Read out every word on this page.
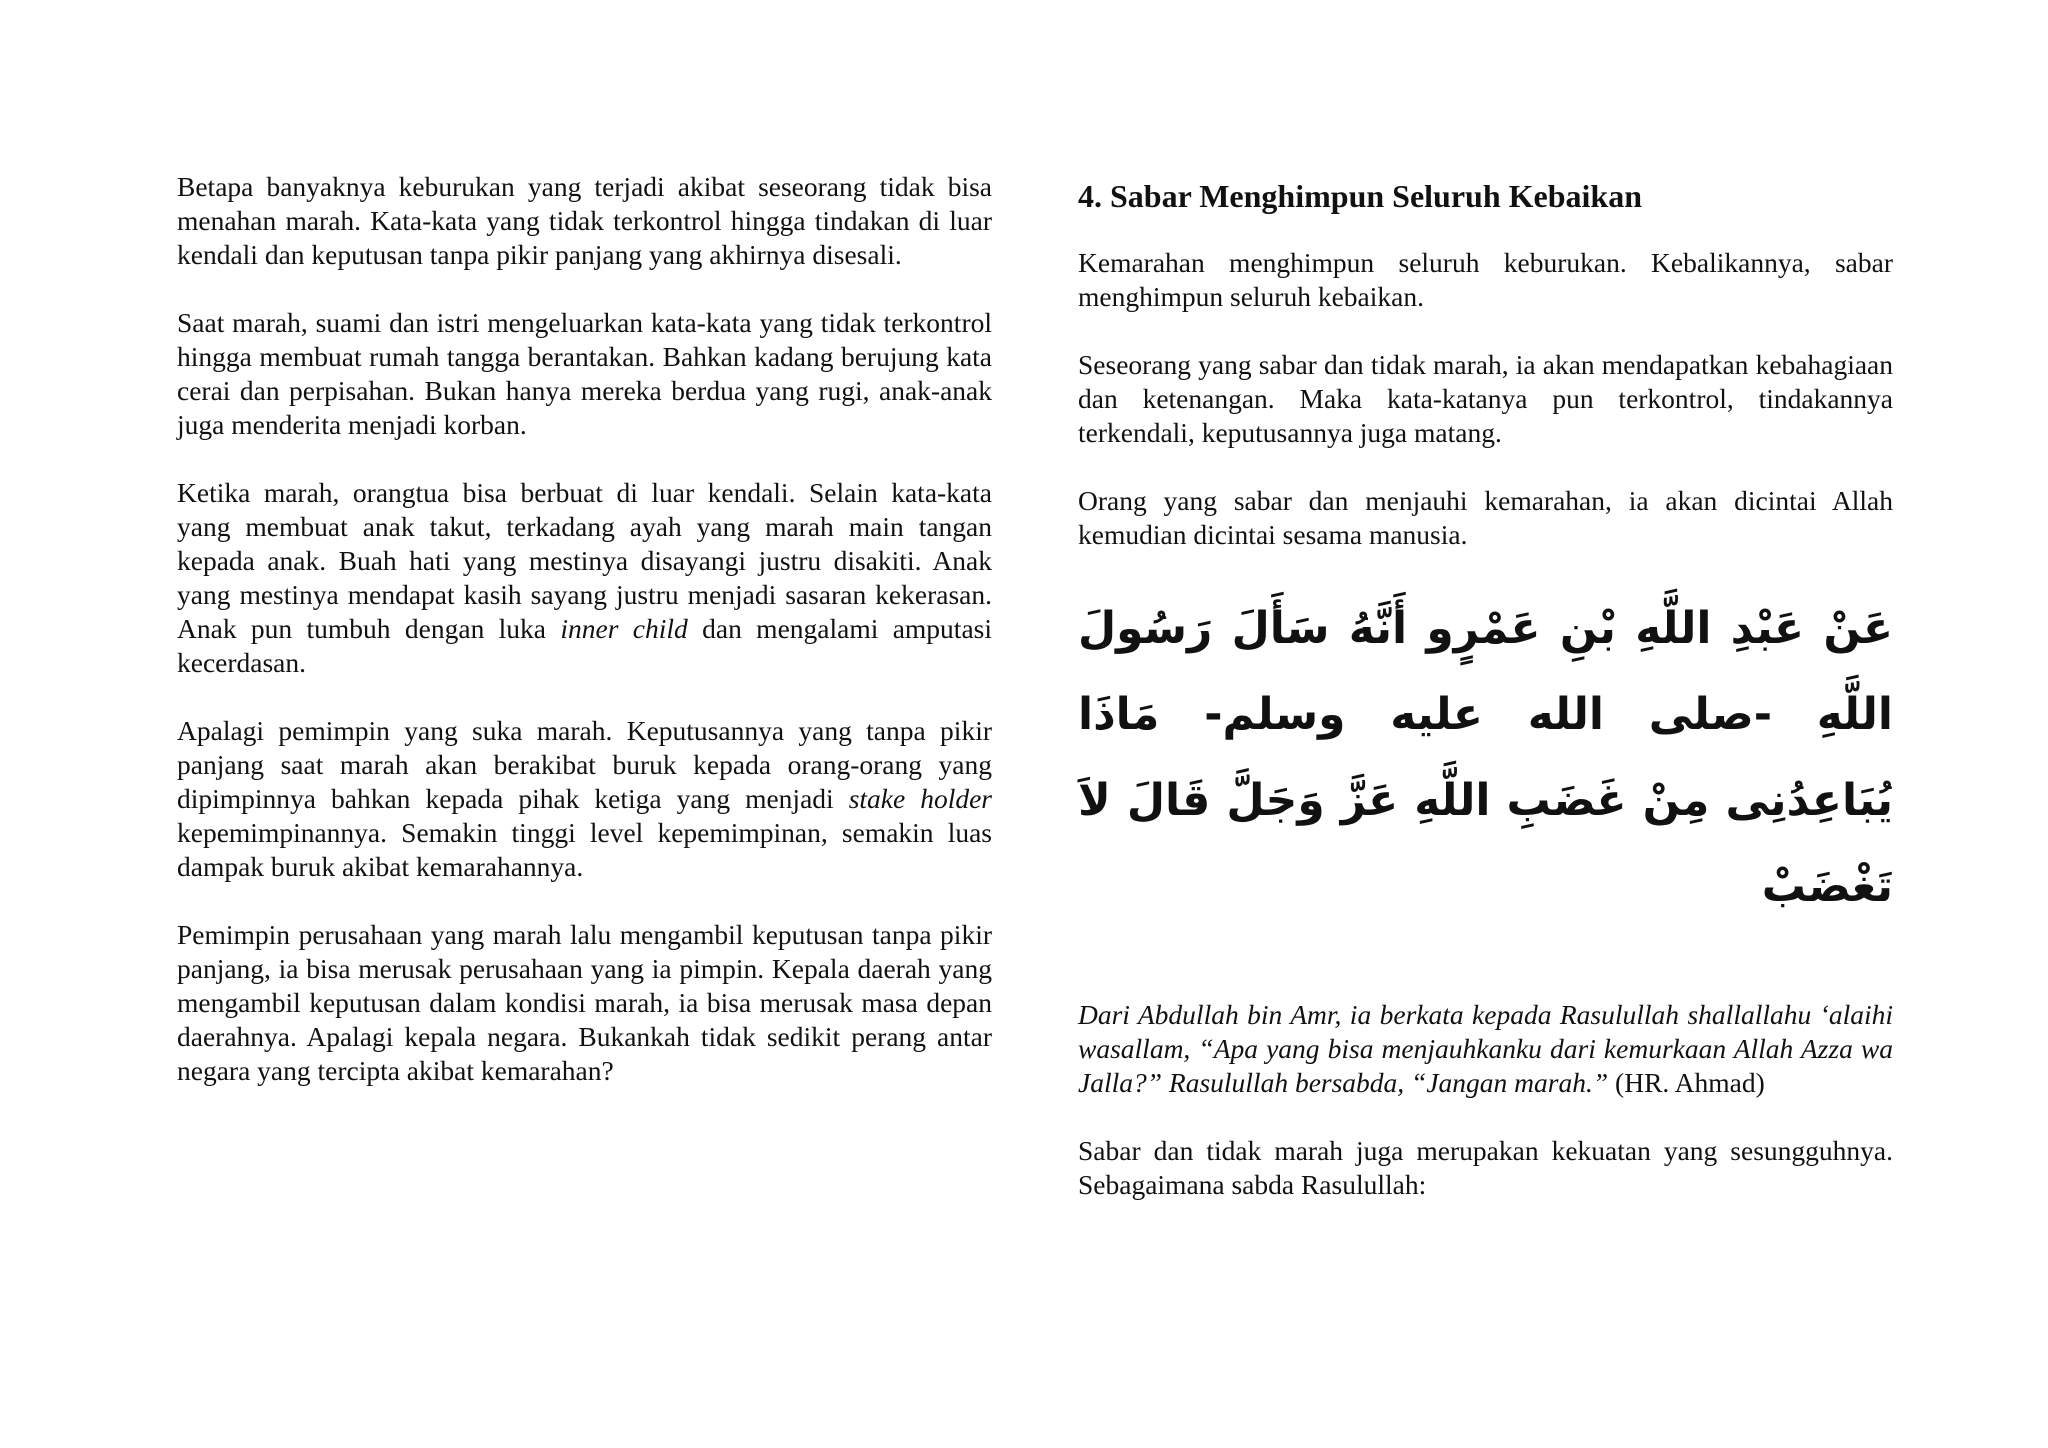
Betapa banyaknya keburukan yang terjadi akibat seseorang tidak bisa menahan marah. Kata-kata yang tidak terkontrol hingga tindakan di luar kendali dan keputusan tanpa pikir panjang yang akhirnya disesali.

Saat marah, suami dan istri mengeluarkan kata-kata yang tidak terkontrol hingga membuat rumah tangga berantakan. Bahkan kadang berujung kata cerai dan perpisahan. Bukan hanya mereka berdua yang rugi, anak-anak juga menderita menjadi korban.

Ketika marah, orangtua bisa berbuat di luar kendali. Selain kata-kata yang membuat anak takut, terkadang ayah yang marah main tangan kepada anak. Buah hati yang mestinya disayangi justru disakiti. Anak yang mestinya mendapat kasih sayang justru menjadi sasaran kekerasan. Anak pun tumbuh dengan luka inner child dan mengalami amputasi kecerdasan.

Apalagi pemimpin yang suka marah. Keputusannya yang tanpa pikir panjang saat marah akan berakibat buruk kepada orang-orang yang dipimpinnya bahkan kepada pihak ketiga yang menjadi stake holder kepemimpinannya. Semakin tinggi level kepemimpinan, semakin luas dampak buruk akibat kemarahannya.

Pemimpin perusahaan yang marah lalu mengambil keputusan tanpa pikir panjang, ia bisa merusak perusahaan yang ia pimpin. Kepala daerah yang mengambil keputusan dalam kondisi marah, ia bisa merusak masa depan daerahnya. Apalagi kepala negara. Bukankah tidak sedikit perang antar negara yang tercipta akibat kemarahan?

4. Sabar Menghimpun Seluruh Kebaikan

Kemarahan menghimpun seluruh keburukan. Kebalikannya, sabar menghimpun seluruh kebaikan.

Seseorang yang sabar dan tidak marah, ia akan mendapatkan kebahagiaan dan ketenangan. Maka kata-katanya pun terkontrol, tindakannya terkendali, keputusannya juga matang.

Orang yang sabar dan menjauhi kemarahan, ia akan dicintai Allah kemudian dicintai sesama manusia.

عَنْ عَبْدِ اللَّهِ بْنِ عَمْرٍو أَنَّهُ سَأَلَ رَسُولَ اللَّهِ -صلى الله عليه وسلم- مَاذَا يُبَاعِدُنِى مِنْ غَضَبِ اللَّهِ عَزَّ وَجَلَّ قَالَ لاَ تَغْضَبْ

Dari Abdullah bin Amr, ia berkata kepada Rasulullah shallallahu ‘alaihi wasallam, “Apa yang bisa menjauhkanku dari kemurkaan Allah Azza wa Jalla?” Rasulullah bersabda, “Jangan marah.” (HR. Ahmad)

Sabar dan tidak marah juga merupakan kekuatan yang sesungguhnya. Sebagaimana sabda Rasulullah:
